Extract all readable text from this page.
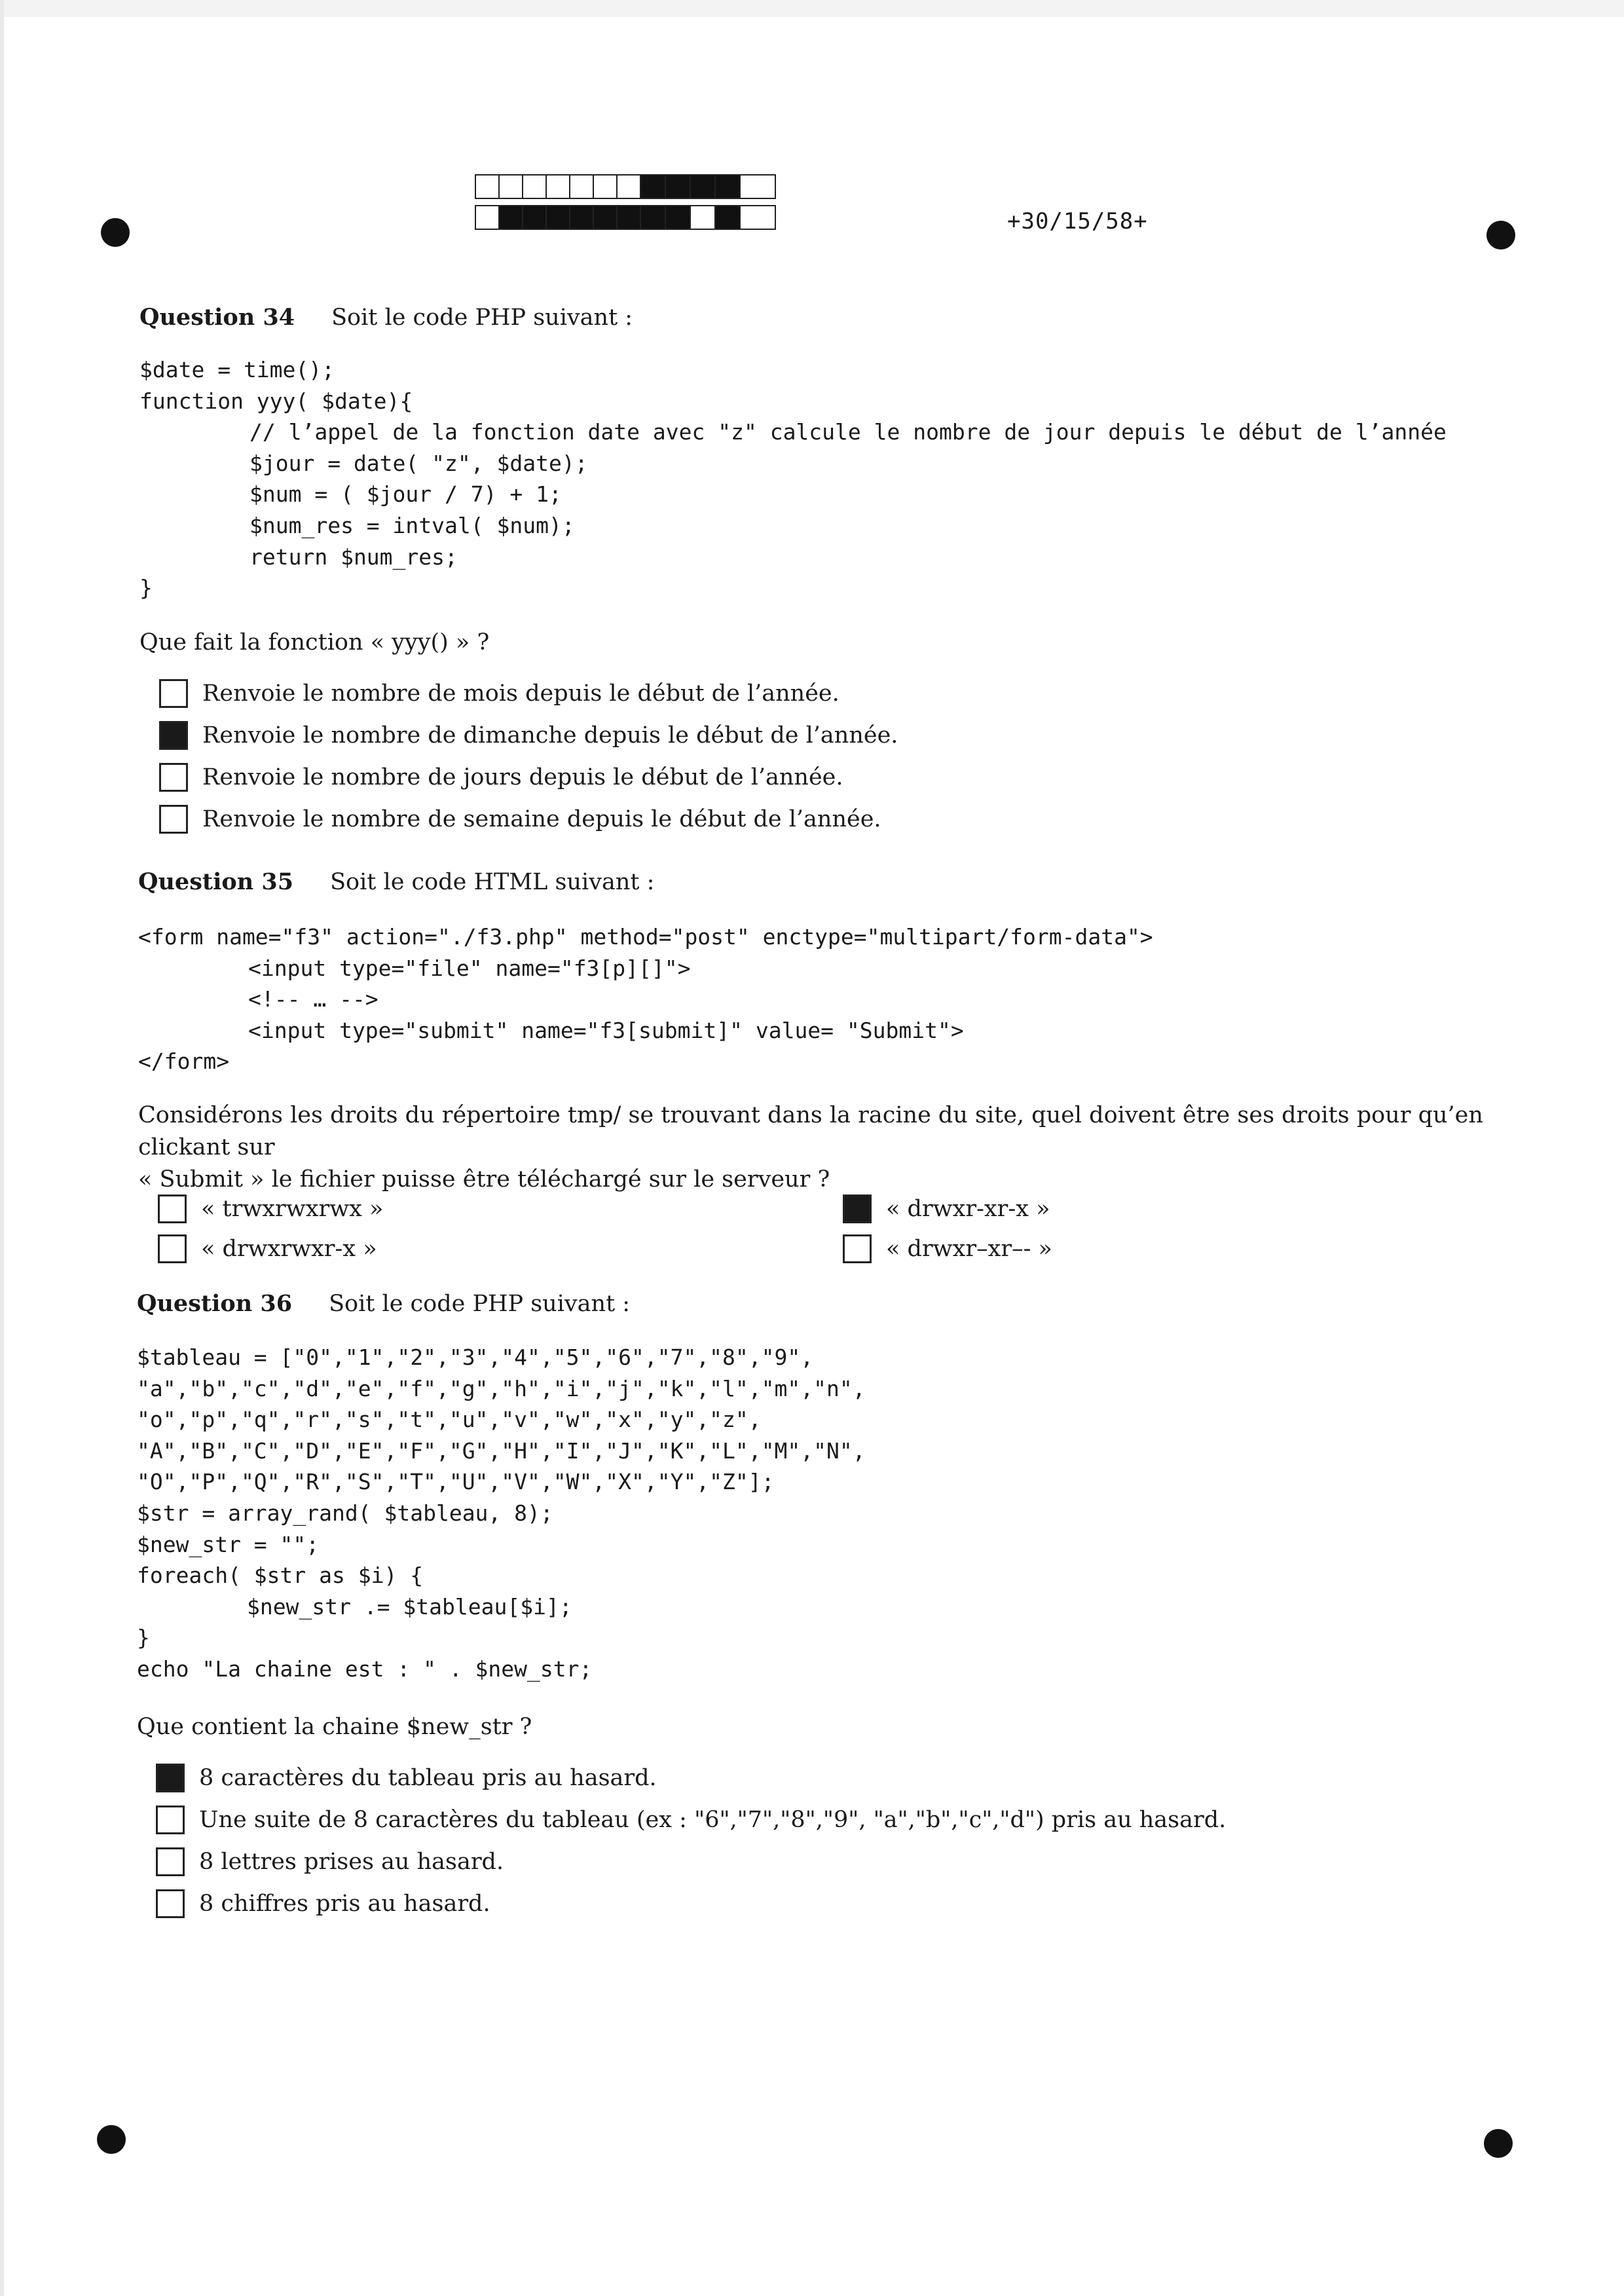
+30/15/58+
Question 34 Soit le code PHP suivant :
$date = time();
function yyy( $date){
// l’appel de la fonction date avec "z" calcule le nombre de jour depuis le début de l’année
$jour = date( "z", $date);
$num = ( $jour / 7) + 1;
$num_res = intval( $num);
return $num_res;
}
Que fait la fonction « yyy() » ?
Renvoie le nombre de mois depuis le début de l’année.
Renvoie le nombre de dimanche depuis le début de l’année.
Renvoie le nombre de jours depuis le début de l’année.
Renvoie le nombre de semaine depuis le début de l’année.
Question 35 Soit le code HTML suivant :
<form name="f3" action="./f3.php" method="post" enctype="multipart/form-data">
<input type="file" name="f3[p][]">
<!-- … -->
<input type="submit" name="f3[submit]" value= "Submit">
</form>
Considérons les droits du répertoire tmp/ se trouvant dans la racine du site, quel doivent être ses droits pour qu’en clickant sur
« Submit » le fichier puisse être téléchargé sur le serveur ?
« trwxrwxrwx »
« drwxrwxr-x »
« drwxr-xr-x »
« drwxr–xr–- »
Question 36 Soit le code PHP suivant :
$tableau = ["0","1","2","3","4","5","6","7","8","9",
"a","b","c","d","e","f","g","h","i","j","k","l","m","n",
"o","p","q","r","s","t","u","v","w","x","y","z",
"A","B","C","D","E","F","G","H","I","J","K","L","M","N",
"O","P","Q","R","S","T","U","V","W","X","Y","Z"];
$str = array_rand( $tableau, 8);
$new_str = "";
foreach( $str as $i) {
$new_str .= $tableau[$i];
}
echo "La chaine est : " . $new_str;
Que contient la chaine $new_str ?
8 caractères du tableau pris au hasard.
Une suite de 8 caractères du tableau (ex : "6","7","8","9", "a","b","c","d") pris au hasard.
8 lettres prises au hasard.
8 chiffres pris au hasard.
